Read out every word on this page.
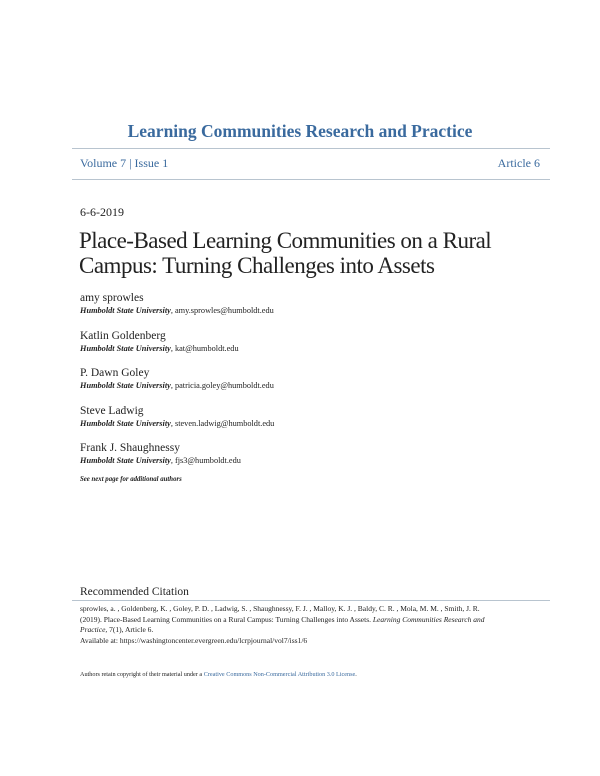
Learning Communities Research and Practice
Volume 7 | Issue 1	Article 6
6-6-2019
Place-Based Learning Communities on a Rural Campus: Turning Challenges into Assets
amy sprowles
Humboldt State University, amy.sprowles@humboldt.edu
Katlin Goldenberg
Humboldt State University, kat@humboldt.edu
P. Dawn Goley
Humboldt State University, patricia.goley@humboldt.edu
Steve Ladwig
Humboldt State University, steven.ladwig@humboldt.edu
Frank J. Shaughnessy
Humboldt State University, fjs3@humboldt.edu
See next page for additional authors
Recommended Citation
sprowles, a. , Goldenberg, K. , Goley, P. D. , Ladwig, S. , Shaughnessy, F. J. , Malloy, K. J. , Baldy, C. R. , Mola, M. M. , Smith, J. R.
(2019). Place-Based Learning Communities on a Rural Campus: Turning Challenges into Assets. Learning Communities Research and
Practice, 7(1), Article 6.
Available at: https://washingtoncenter.evergreen.edu/lcrpjournal/vol7/iss1/6
Authors retain copyright of their material under a Creative Commons Non-Commercial Attribution 3.0 License.
